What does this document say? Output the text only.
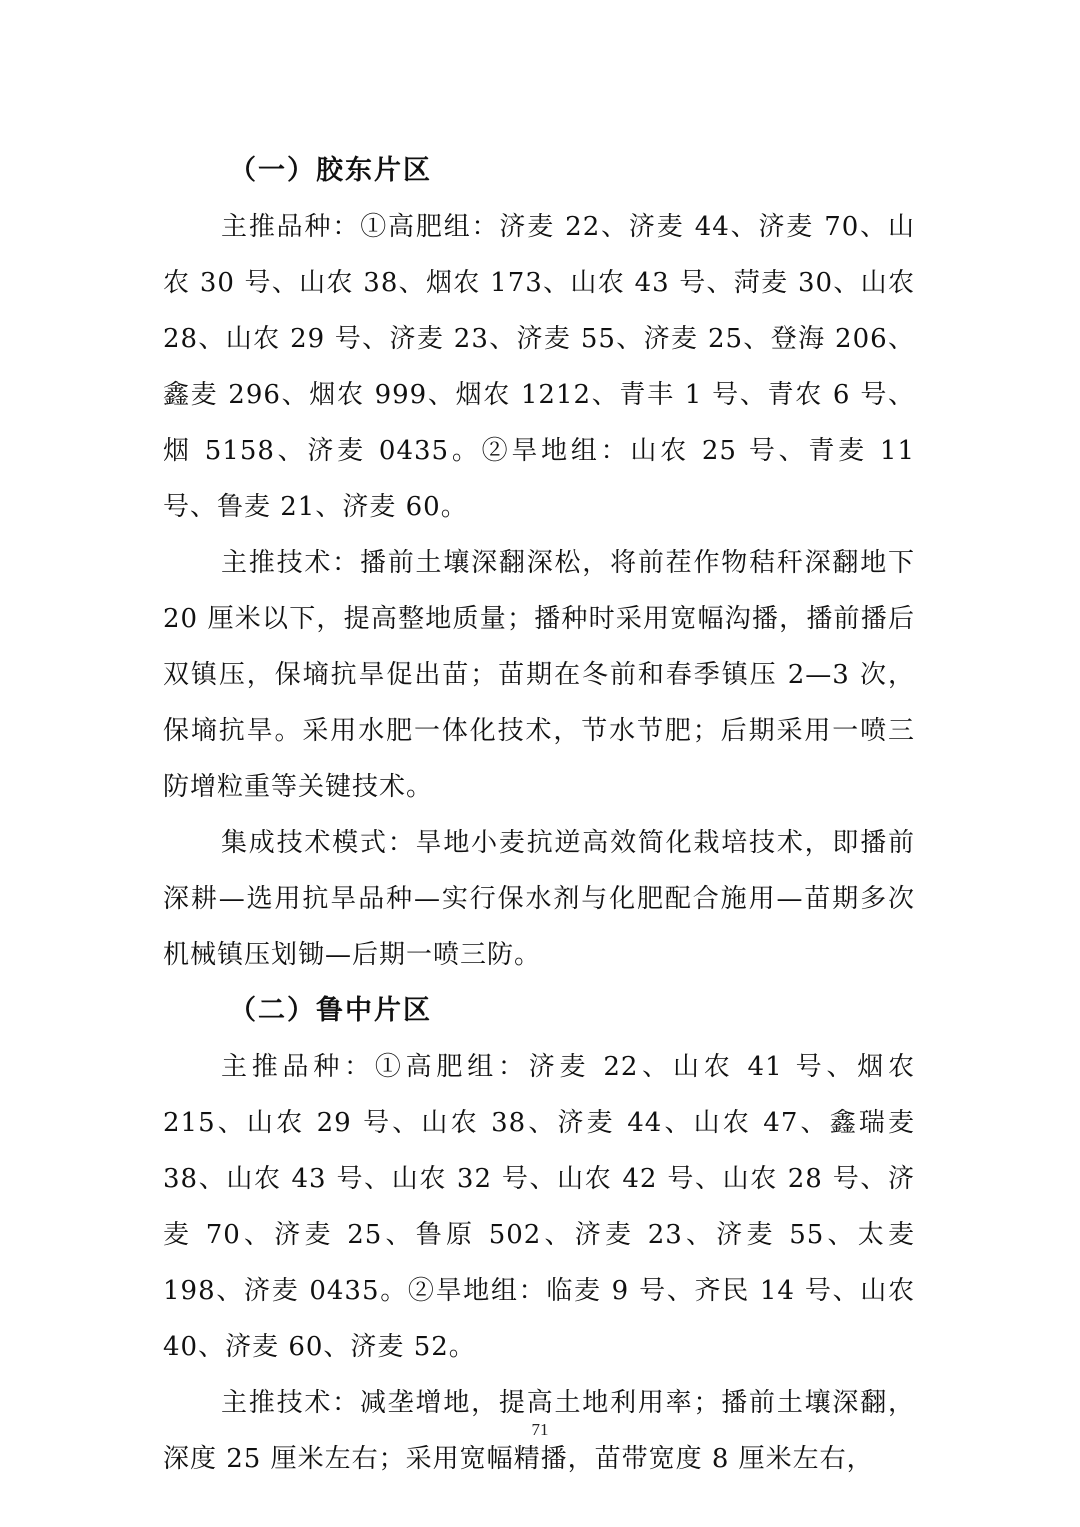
（一）胶东片区

主推品种：①高肥组：济麦 22、济麦 44、济麦 70、山农 30 号、山农 38、烟农 173、山农 43 号、菏麦 30、山农 28、山农 29 号、济麦 23、济麦 55、济麦 25、登海 206、鑫麦 296、烟农 999、烟农 1212、青丰 1 号、青农 6 号、烟 5158、济麦 0435。②旱地组：山农 25 号、青麦 11 号、鲁麦 21、济麦 60。

主推技术：播前土壤深翻深松，将前茬作物秸秆深翻地下 20 厘米以下，提高整地质量；播种时采用宽幅沟播，播前播后双镇压，保墒抗旱促出苗；苗期在冬前和春季镇压 2—3 次，保墒抗旱。采用水肥一体化技术，节水节肥；后期采用一喷三防增粒重等关键技术。

集成技术模式：旱地小麦抗逆高效简化栽培技术，即播前深耕—选用抗旱品种—实行保水剂与化肥配合施用—苗期多次机械镇压划锄—后期一喷三防。

（二）鲁中片区

主推品种：①高肥组：济麦 22、山农 41 号、烟农 215、山农 29 号、山农 38、济麦 44、山农 47、鑫瑞麦 38、山农 43 号、山农 32 号、山农 42 号、山农 28 号、济麦 70、济麦 25、鲁原 502、济麦 23、济麦 55、太麦 198、济麦 0435。②旱地组：临麦 9 号、齐民 14 号、山农 40、济麦 60、济麦 52。

主推技术：减垄增地，提高土地利用率；播前土壤深翻，深度 25 厘米左右；采用宽幅精播，苗带宽度 8 厘米左右，

71
